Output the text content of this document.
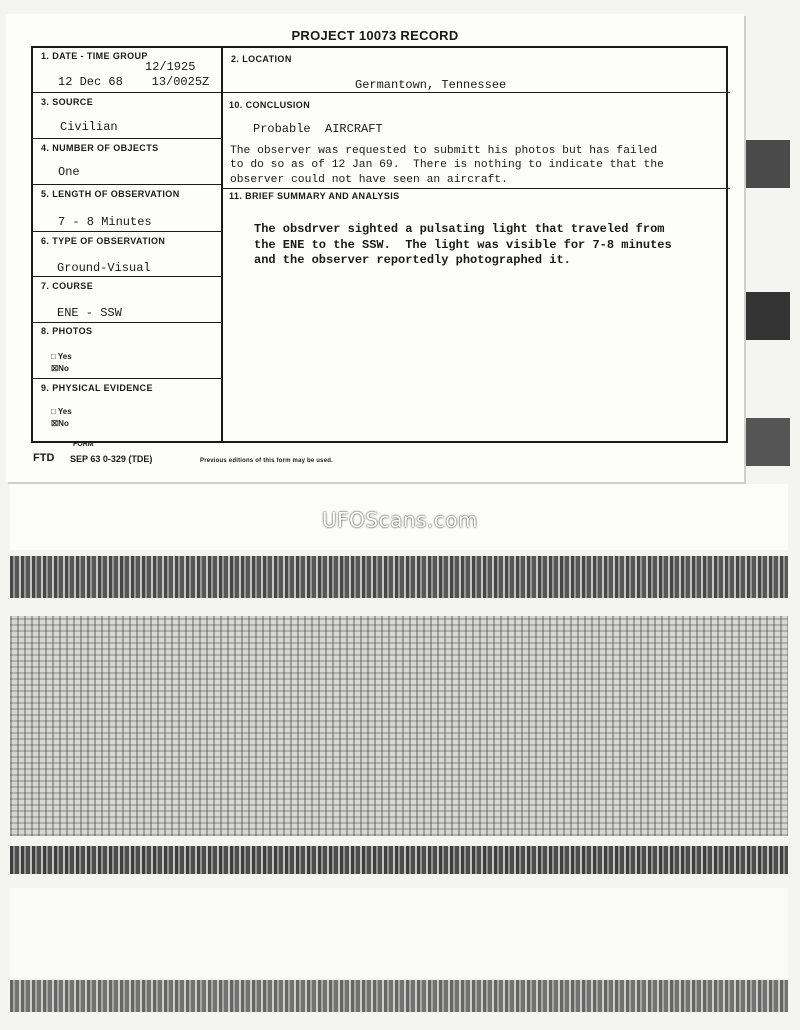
PROJECT 10073 RECORD
1. DATE - TIME GROUP
12/1925
12 Dec 68    13/0025Z
2. LOCATION
Germantown, Tennessee
3. SOURCE
Civilian
10. CONCLUSION
Probable  AIRCRAFT
The observer was requested to submitt his photos but has failed
to do so as of 12 Jan 69.  There is nothing to indicate that the
observer could not have seen an aircraft.
4. NUMBER OF OBJECTS
One
5. LENGTH OF OBSERVATION
7 - 8 Minutes
11. BRIEF SUMMARY AND ANALYSIS
The obsdrver sighted a pulsating light that traveled from
the ENE to the SSW.  The light was visible for 7-8 minutes
and the observer reportedly photographed it.
6. TYPE OF OBSERVATION
Ground-Visual
7. COURSE
ENE - SSW
8. PHOTOS
□ Yes
☒No
9. PHYSICAL EVIDENCE
□ Yes
☒No
FORM
FTD SEP 63 0-329 (TDE)	Previous editions of this form may be used.
UFOScans.com
